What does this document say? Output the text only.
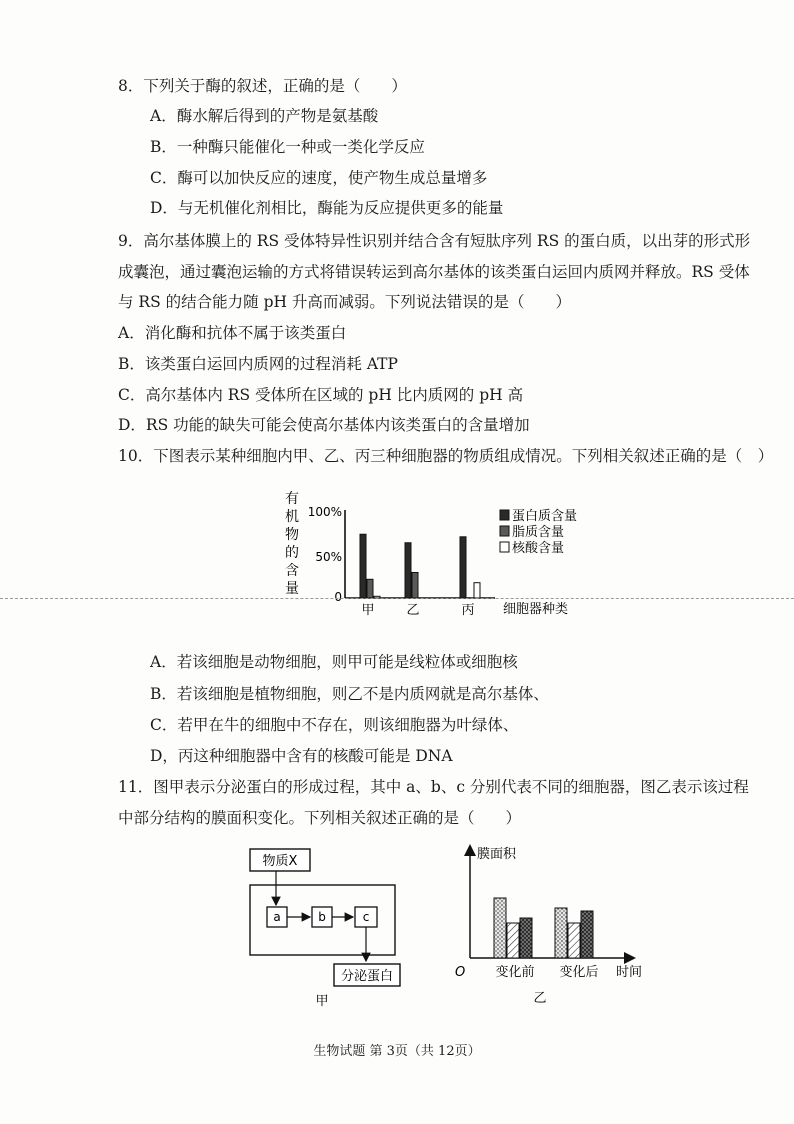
8．下列关于酶的叙述，正确的是（　　）
A．酶水解后得到的产物是氨基酸
B．一种酶只能催化一种或一类化学反应
C．酶可以加快反应的速度，使产物生成总量增多
D．与无机催化剂相比，酶能为反应提供更多的能量
9．高尔基体膜上的 RS 受体特异性识别并结合含有短肽序列 RS 的蛋白质，以出芽的形式形
成囊泡，通过囊泡运输的方式将错误转运到高尔基体的该类蛋白运回内质网并释放。RS 受体
与 RS 的结合能力随 pH 升高而减弱。下列说法错误的是（　　）
A．消化酶和抗体不属于该类蛋白
B．该类蛋白运回内质网的过程消耗 ATP
C．高尔基体内 RS 受体所在区域的 pH 比内质网的 pH 高
D．RS 功能的缺失可能会使高尔基体内该类蛋白的含量增加
10．下图表示某种细胞内甲、乙、丙三种细胞器的物质组成情况。下列相关叙述正确的是（　）
有
机
物
的
含
量
100%
50%
0
甲 乙	丙 细胞器种类
蛋白质含量
脂质含量
核酸含量
A．若该细胞是动物细胞，则甲可能是线粒体或细胞核
B．若该细胞是植物细胞，则乙不是内质网就是高尔基体、
C．若甲在牛的细胞中不存在，则该细胞器为叶绿体、
D，丙这种细胞器中含有的核酸可能是 DNA
11．图甲表示分泌蛋白的形成过程，其中 a、b、c 分别代表不同的细胞器，图乙表示该过程
中部分结构的膜面积变化。下列相关叙述正确的是（　　）
物质X
a	b	c
分泌蛋白
甲
膜面积
O 变化前 变化后 时间
乙
生物试题 第 3页（共 12页）
